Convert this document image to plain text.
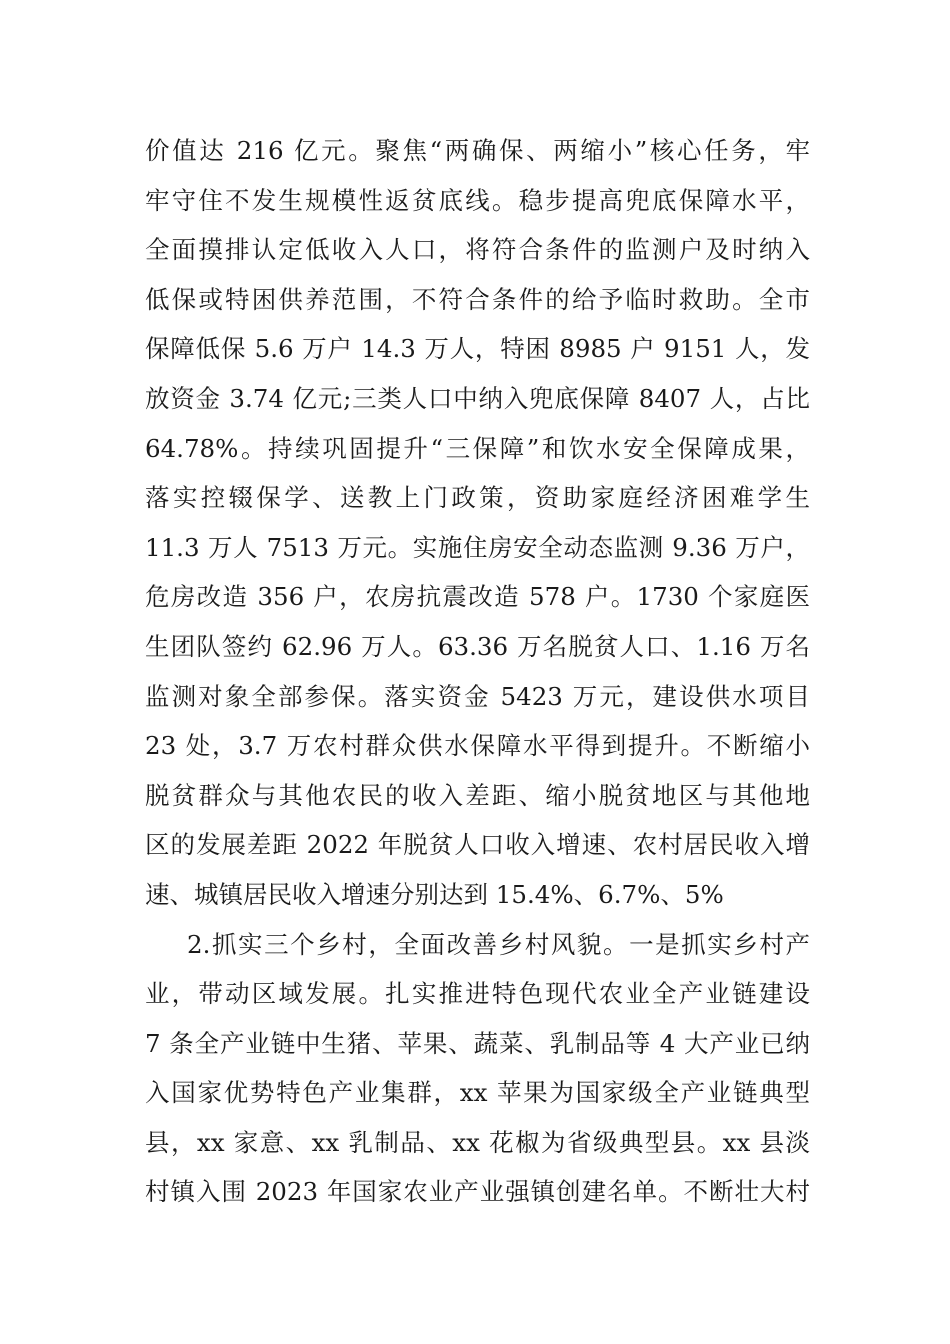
价值达 216 亿元。聚焦“两确保、两缩小”核心任务，牢
牢守住不发生规模性返贫底线。稳步提高兜底保障水平，
全面摸排认定低收入人口，将符合条件的监测户及时纳入
低保或特困供养范围，不符合条件的给予临时救助。全市
保障低保 5.6 万户 14.3 万人，特困 8985 户 9151 人，发
放资金 3.74 亿元;三类人口中纳入兜底保障 8407 人，占比
64.78%。持续巩固提升“三保障”和饮水安全保障成果，
落实控辍保学、送教上门政策，资助家庭经济困难学生
11.3 万人 7513 万元。实施住房安全动态监测 9.36 万户，
危房改造 356 户，农房抗震改造 578 户。1730 个家庭医
生团队签约 62.96 万人。63.36 万名脱贫人口、1.16 万名
监测对象全部参保。落实资金 5423 万元，建设供水项目
23 处，3.7 万农村群众供水保障水平得到提升。不断缩小
脱贫群众与其他农民的收入差距、缩小脱贫地区与其他地
区的发展差距 2022 年脱贫人口收入增速、农村居民收入增
速、城镇居民收入增速分别达到 15.4%、6.7%、5%
2.抓实三个乡村，全面改善乡村风貌。一是抓实乡村产
业，带动区域发展。扎实推进特色现代农业全产业链建设
7 条全产业链中生猪、苹果、蔬菜、乳制品等 4 大产业已纳
入国家优势特色产业集群，xx 苹果为国家级全产业链典型
县，xx 家意、xx 乳制品、xx 花椒为省级典型县。xx 县淡
村镇入围 2023 年国家农业产业强镇创建名单。不断壮大村
